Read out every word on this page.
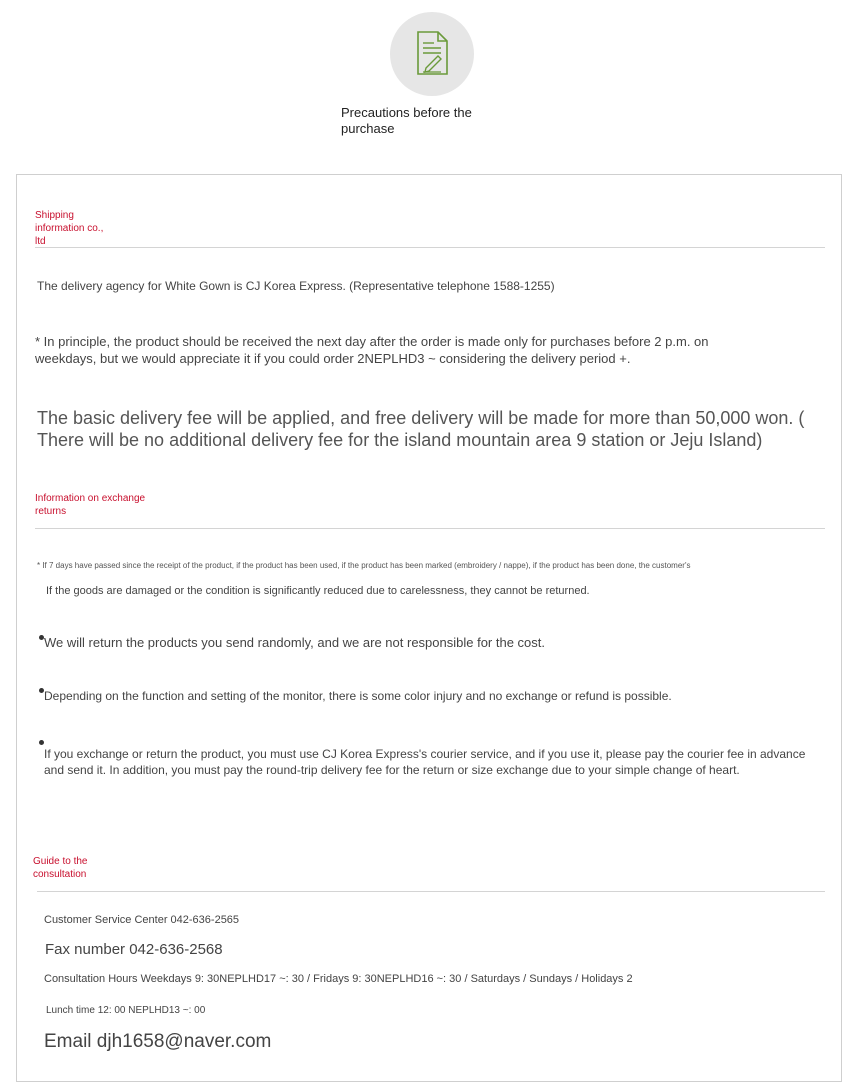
Precautions before the purchase
Shipping information co., ltd
The delivery agency for White Gown is CJ Korea Express. (Representative telephone 1588-1255)
* In principle, the product should be received the next day after the order is made only for purchases before 2 p.m. on weekdays, but we would appreciate it if you could order 2NEPLHD3 ~ considering the delivery period +.
The basic delivery fee will be applied, and free delivery will be made for more than 50,000 won. ( There will be no additional delivery fee for the island mountain area 9 station or Jeju Island)
Information on exchange returns
* If 7 days have passed since the receipt of the product, if the product has been used, if the product has been marked (embroidery / nappe), if the product has been done, the customer's
If the goods are damaged or the condition is significantly reduced due to carelessness, they cannot be returned.
We will return the products you send randomly, and we are not responsible for the cost.
Depending on the function and setting of the monitor, there is some color injury and no exchange or refund is possible.
If you exchange or return the product, you must use CJ Korea Express's courier service, and if you use it, please pay the courier fee in advance and send it. In addition, you must pay the round-trip delivery fee for the return or size exchange due to your simple change of heart.
Guide to the consultation
Customer Service Center 042-636-2565
Fax number 042-636-2568
Consultation Hours Weekdays 9: 30NEPLHD17 ~: 30 / Fridays 9: 30NEPLHD16 ~: 30 / Saturdays / Sundays / Holidays 2
Lunch time 12: 00 NEPLHD13 ~: 00
Email djh1658@naver.com
